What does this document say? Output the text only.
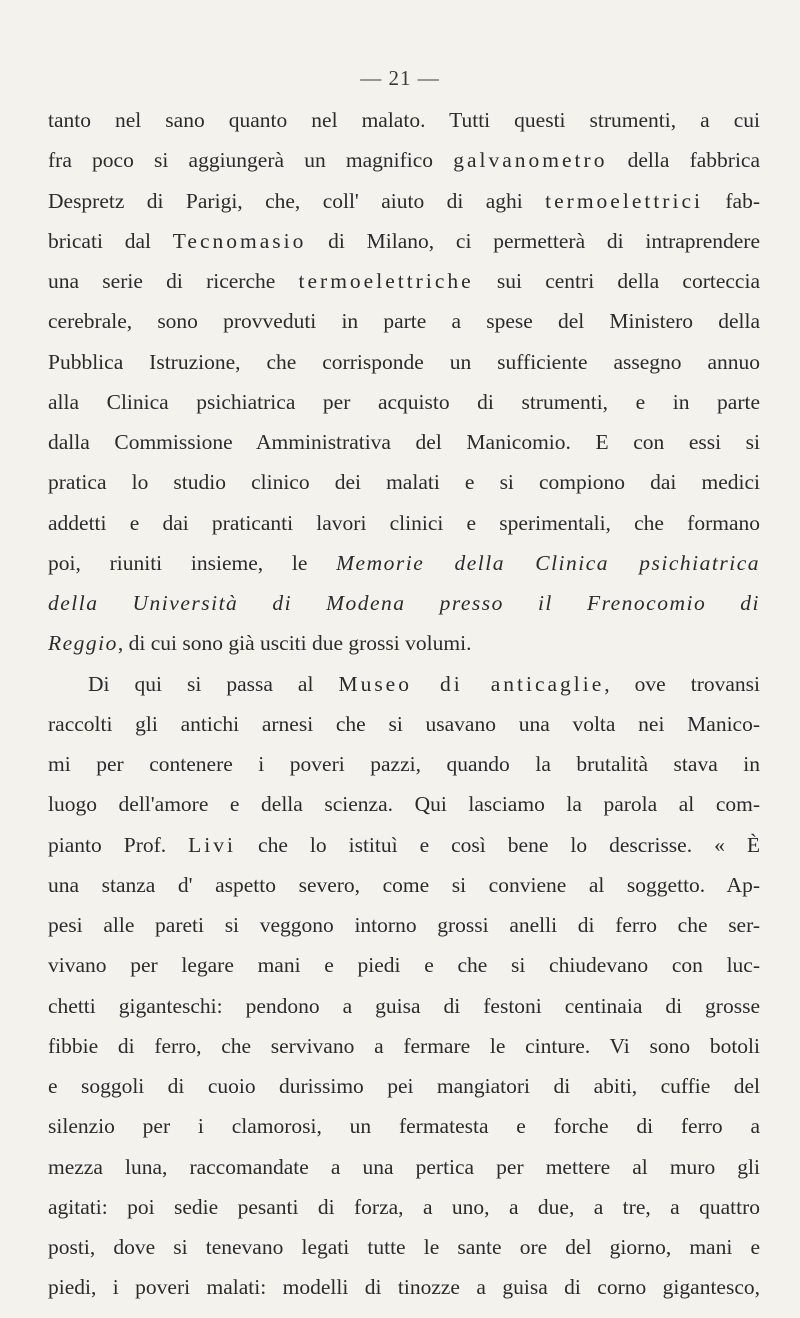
— 21 —
tanto nel sano quanto nel malato. Tutti questi strumenti, a cui
fra poco si aggiungerà un magnifico galvanometro della fabbrica
Despretz di Parigi, che, coll' aiuto di aghi termoelettrici fab-
bricati dal Tecnomasio di Milano, ci permetterà di intraprendere
una serie di ricerche termoelettriche sui centri della corteccia
cerebrale, sono provveduti in parte a spese del Ministero della
Pubblica Istruzione, che corrisponde un sufficiente assegno annuo
alla Clinica psichiatrica per acquisto di strumenti, e in parte
dalla Commissione Amministrativa del Manicomio. E con essi si
pratica lo studio clinico dei malati e si compiono dai medici
addetti e dai praticanti lavori clinici e sperimentali, che formano
poi, riuniti insieme, le Memorie della Clinica psichiatrica
della Università di Modena presso il Frenocomio di
Reggio, di cui sono già usciti due grossi volumi.
Di qui si passa al Museo di anticaglie, ove trovansi
raccolti gli antichi arnesi che si usavano una volta nei Manico-
mi per contenere i poveri pazzi, quando la brutalità stava in
luogo dell'amore e della scienza. Qui lasciamo la parola al com-
pianto Prof. Livi che lo istituì e così bene lo descrisse. « È
una stanza d' aspetto severo, come si conviene al soggetto. Ap-
pesi alle pareti si veggono intorno grossi anelli di ferro che ser-
vivano per legare mani e piedi e che si chiudevano con luc-
chetti giganteschi: pendono a guisa di festoni centinaia di grosse
fibbie di ferro, che servivano a fermare le cinture. Vi sono botoli
e soggoli di cuoio durissimo pei mangiatori di abiti, cuffie del
silenzio per i clamorosi, un fermatesta e forche di ferro a
mezza luna, raccomandate a una pertica per mettere al muro gli
agitati: poi sedie pesanti di forza, a uno, a due, a tre, a quattro
posti, dove si tenevano legati tutte le sante ore del giorno, mani e
piedi, i poveri malati: modelli di tinozze a guisa di corno gigantesco,
